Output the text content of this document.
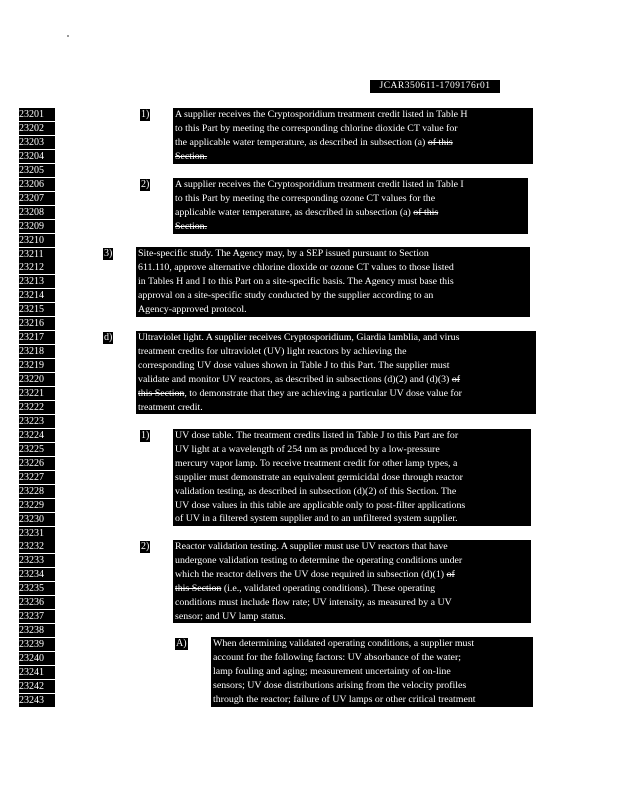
JCAR350611-1709176r01
23201
23202
23203
23204
23205
23206
23207
23208
23209
23210
23211
23212
23213
23214
23215
23216
23217
23218
23219
23220
23221
23222
23223
23224
23225
23226
23227
23228
23229
23230
23231
23232
23233
23234
23235
23236
23237
23238
23239
23240
23241
23242
23243
1)	A supplier receives the Cryptosporidium treatment credit listed in Table H
to this Part by meeting the corresponding chlorine dioxide CT value for
the applicable water temperature, as described in subsection (a) of this
Section.
2)	A supplier receives the Cryptosporidium treatment credit listed in Table I
to this Part by meeting the corresponding ozone CT values for the
applicable water temperature, as described in subsection (a) of this
Section.
3)	Site-specific study. The Agency may, by a SEP issued pursuant to Section
611.110, approve alternative chlorine dioxide or ozone CT values to those listed
in Tables H and I to this Part on a site-specific basis. The Agency must base this
approval on a site-specific study conducted by the supplier according to an
Agency-approved protocol.
d)	Ultraviolet light. A supplier receives Cryptosporidium, Giardia lamblia, and virus
treatment credits for ultraviolet (UV) light reactors by achieving the
corresponding UV dose values shown in Table J to this Part. The supplier must
validate and monitor UV reactors, as described in subsections (d)(2) and (d)(3) of
this Section, to demonstrate that they are achieving a particular UV dose value for
treatment credit.
1)	UV dose table. The treatment credits listed in Table J to this Part are for
UV light at a wavelength of 254 nm as produced by a low-pressure
mercury vapor lamp. To receive treatment credit for other lamp types, a
supplier must demonstrate an equivalent germicidal dose through reactor
validation testing, as described in subsection (d)(2) of this Section. The
UV dose values in this table are applicable only to post-filter applications
of UV in a filtered system supplier and to an unfiltered system supplier.
2)	Reactor validation testing. A supplier must use UV reactors that have
undergone validation testing to determine the operating conditions under
which the reactor delivers the UV dose required in subsection (d)(1) of
this Section (i.e., validated operating conditions). These operating
conditions must include flow rate; UV intensity, as measured by a UV
sensor; and UV lamp status.
A)	When determining validated operating conditions, a supplier must
account for the following factors: UV absorbance of the water;
lamp fouling and aging; measurement uncertainty of on-line
sensors; UV dose distributions arising from the velocity profiles
through the reactor; failure of UV lamps or other critical treatment
